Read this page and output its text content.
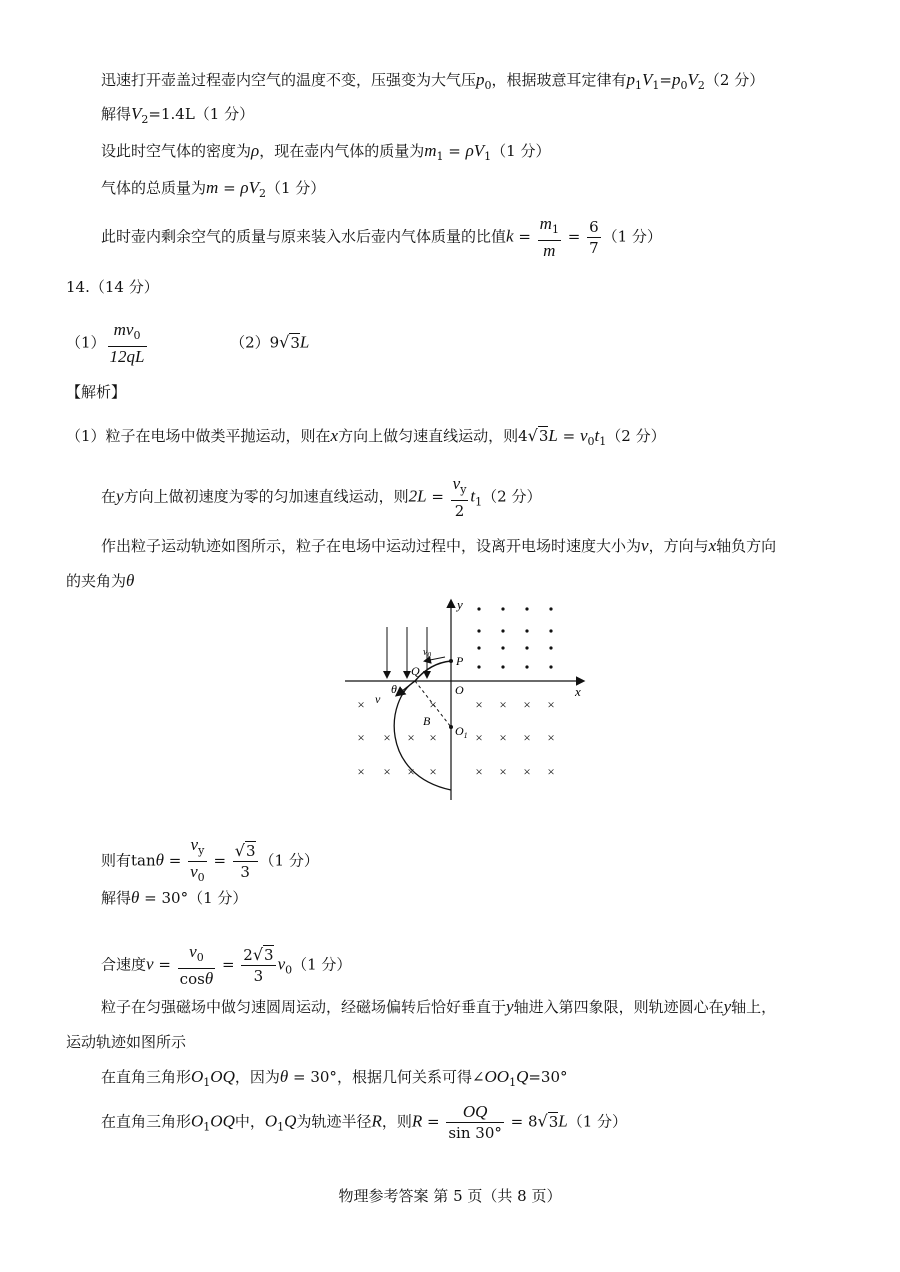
迅速打开壶盖过程壶内空气的温度不变，压强变为大气压$p_0$，根据玻意耳定律有$p_1V_1=p_0V_2(2$ 分）
解得$V_2=1.4L(1$ 分）
设此时空气体的密度为ρ，现在壶内气体的质量为$m_1 = \rho V_1(1$ 分）
气体的总质量为$m = \rho V_2(1$ 分）
此时壶内剩余空气的质量与原来装入水后壶内气体质量的比值$k = \frac{m_1}{m} = \frac{6}{7} (1$ 分）
14.（14 分）
$(1) \frac{mv_0}{12qL}$	（2）9√3L
【解析】
（1）粒子在电场中做类平抛运动，则在x方向上做匀速直线运动，则$4√3L = v_0t_1(2$ 分）
在y方向上做初速度为零的匀加速直线运动，则$2L = \frac{v_y}{2} t_1(2$ 分）
作出粒子运动轨迹如图所示，粒子在电场中运动过程中，设离开电场时速度大小为v，方向与x轴负方向
的夹角为θ
×
× × × ×
× × × ×
×	× × × ×
× × × ×
× × × ×
y
x
O
P
Q
B
$O_1$
θ
v
$v_0$
则有$\tan\theta = \frac{v_y}{v_0} = \frac{√3}{3} (1$ 分）
解得θ = 30°（1 分）
合速度$v = \frac{v_0}{\cos\theta} = \frac{2√3}{3} v_0(1$ 分）
粒子在匀强磁场中做匀速圆周运动，经磁场偏转后恰好垂直于y轴进入第四象限，则轨迹圆心在y轴上，
运动轨迹如图所示
在直角三角形$O_1OQ$，因为θ = 30°，根据几何关系可得$\angle OO_1Q=30^\circ$
在直角三角形$O_1OQ$中，$O_1Q$为轨迹半径R，则$R = \frac{OQ}{\sin 30^\circ} = 8√3L(1$ 分）
物理参考答案 第 5 页（共 8 页）
